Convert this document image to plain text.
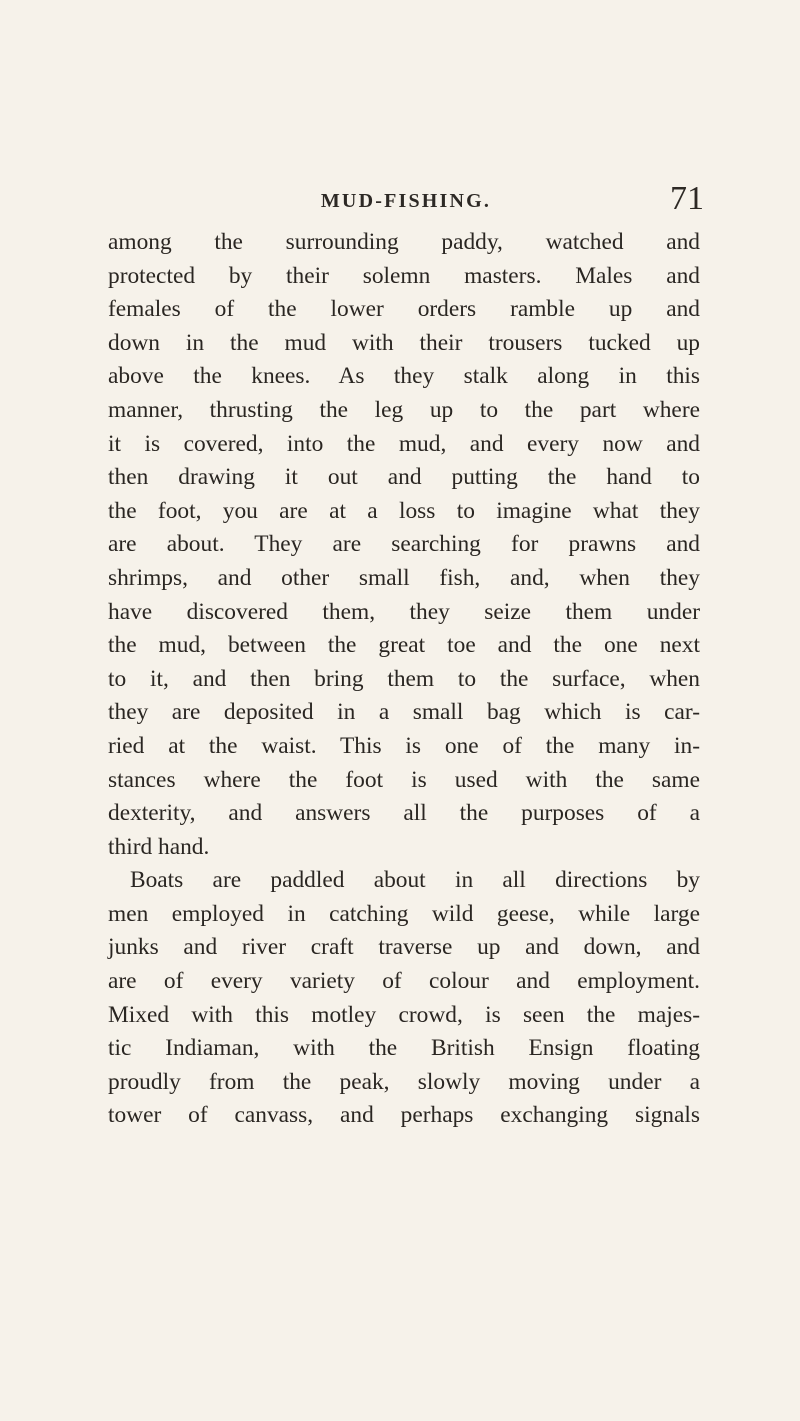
MUD-FISHING.	71
among the surrounding paddy, watched and
protected by their solemn masters. Males and
females of the lower orders ramble up and
down in the mud with their trousers tucked up
above the knees. As they stalk along in this
manner, thrusting the leg up to the part where
it is covered, into the mud, and every now and
then drawing it out and putting the hand to
the foot, you are at a loss to imagine what they
are about. They are searching for prawns and
shrimps, and other small fish, and, when they
have discovered them, they seize them under
the mud, between the great toe and the one next
to it, and then bring them to the surface, when
they are deposited in a small bag which is car-
ried at the waist. This is one of the many in-
stances where the foot is used with the same
dexterity, and answers all the purposes of a
third hand.
Boats are paddled about in all directions by
men employed in catching wild geese, while large
junks and river craft traverse up and down, and
are of every variety of colour and employment.
Mixed with this motley crowd, is seen the majes-
tic Indiaman, with the British Ensign floating
proudly from the peak, slowly moving under a
tower of canvass, and perhaps exchanging signals
